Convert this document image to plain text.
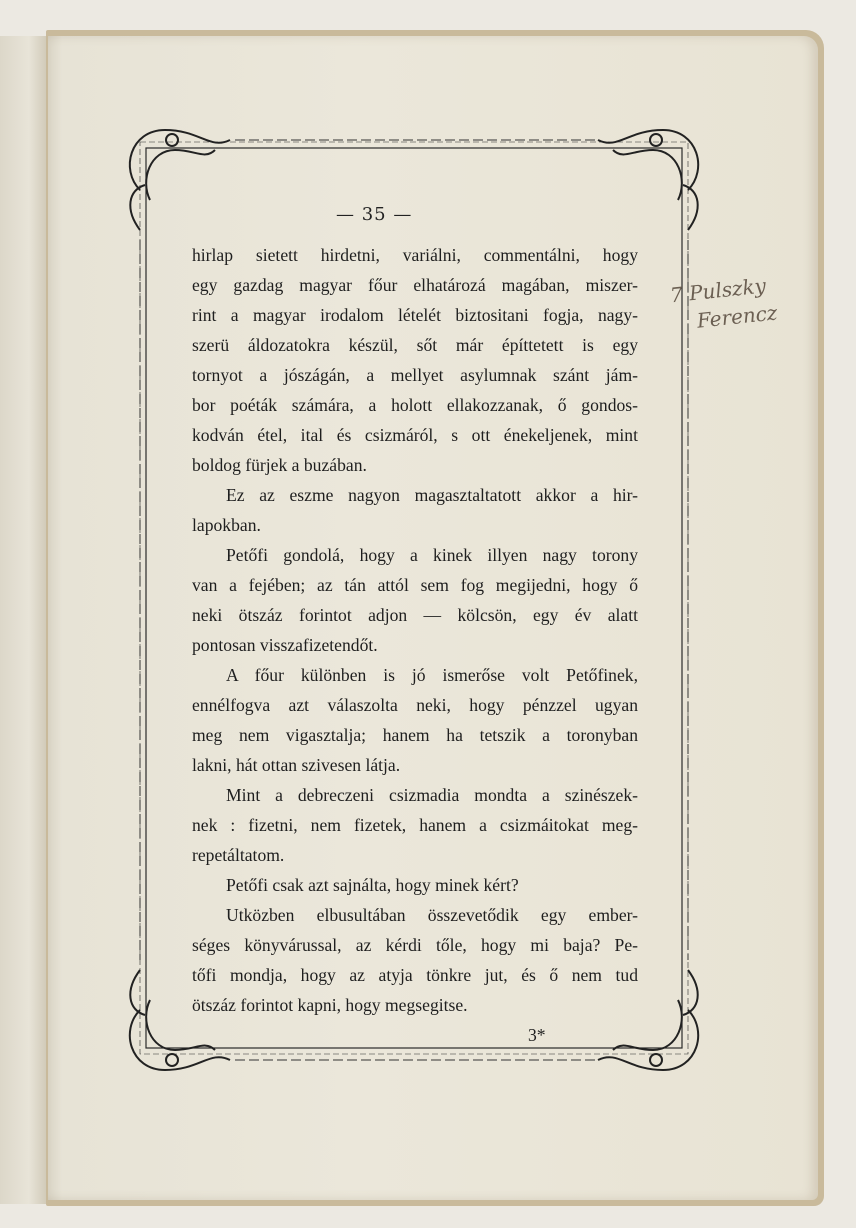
— 35 —
hirlap sietett hirdetni, variálni, commentálni, hogy
egy gazdag magyar főur elhatározá magában, miszer-
rint a magyar irodalom lételét biztositani fogja, nagy-
szerü áldozatokra készül, sőt már építtetett is egy
tornyot a jószágán, a mellyet asylumnak szánt jám-
bor poéták számára, a holott ellakozzanak, ő gondos-
kodván étel, ital és csizmáról, s ott énekeljenek, mint
boldog fürjek a buzában.
Ez az eszme nagyon magasztaltatott akkor a hir-
lapokban.
Petőfi gondolá, hogy a kinek illyen nagy torony
van a fejében; az tán attól sem fog megijedni, hogy ő
neki ötszáz forintot adjon — kölcsön, egy év alatt
pontosan visszafizetendőt.
A főur különben is jó ismerőse volt Petőfinek,
ennélfogva azt válaszolta neki, hogy pénzzel ugyan
meg nem vigasztalja; hanem ha tetszik a toronyban
lakni, hát ottan szivesen látja.
Mint a debreczeni csizmadia mondta a szinészek-
nek : fizetni, nem fizetek, hanem a csizmáitokat meg-
repetáltatom.
Petőfi csak azt sajnálta, hogy minek kért?
Utközben elbusultában összevetődik egy ember-
séges könyvárussal, az kérdi tőle, hogy mi baja? Pe-
tőfi mondja, hogy az atyja tönkre jut, és ő nem tud
ötszáz forintot kapni, hogy megsegitse.
3*
7 Pulszky
Ferencz
